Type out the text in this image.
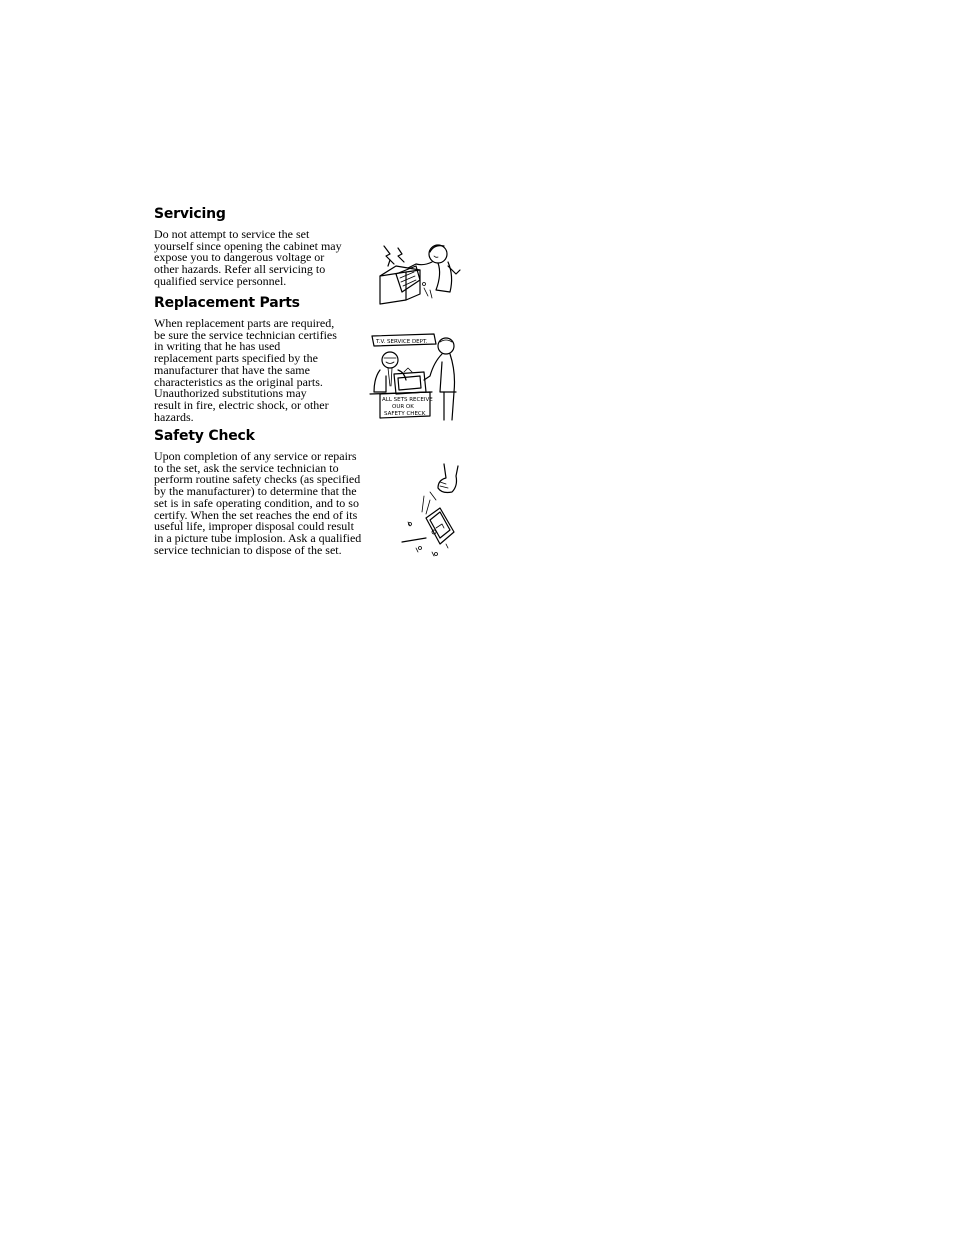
Servicing

Do not attempt to service the set
yourself since opening the cabinet may
expose you to dangerous voltage or
other hazards. Refer all servicing to
qualified service personnel.

Replacement Parts

When replacement parts are required,
be sure the service technician certifies
in writing that he has used
replacement parts specified by the
manufacturer that have the same
characteristics as the original parts.
Unauthorized substitutions may
result in fire, electric shock, or other
hazards.

T.V. SERVICE DEPT.
ALL SETS RECEIVE
OUR OK
SAFETY CHECK
Safety Check

Upon completion of any service or repairs
to the set, ask the service technician to
perform routine safety checks (as specified
by the manufacturer) to determine that the
set is in safe operating condition, and to so
certify. When the set reaches the end of its
useful life, improper disposal could result
in a picture tube implosion. Ask a qualified
service technician to dispose of the set.
